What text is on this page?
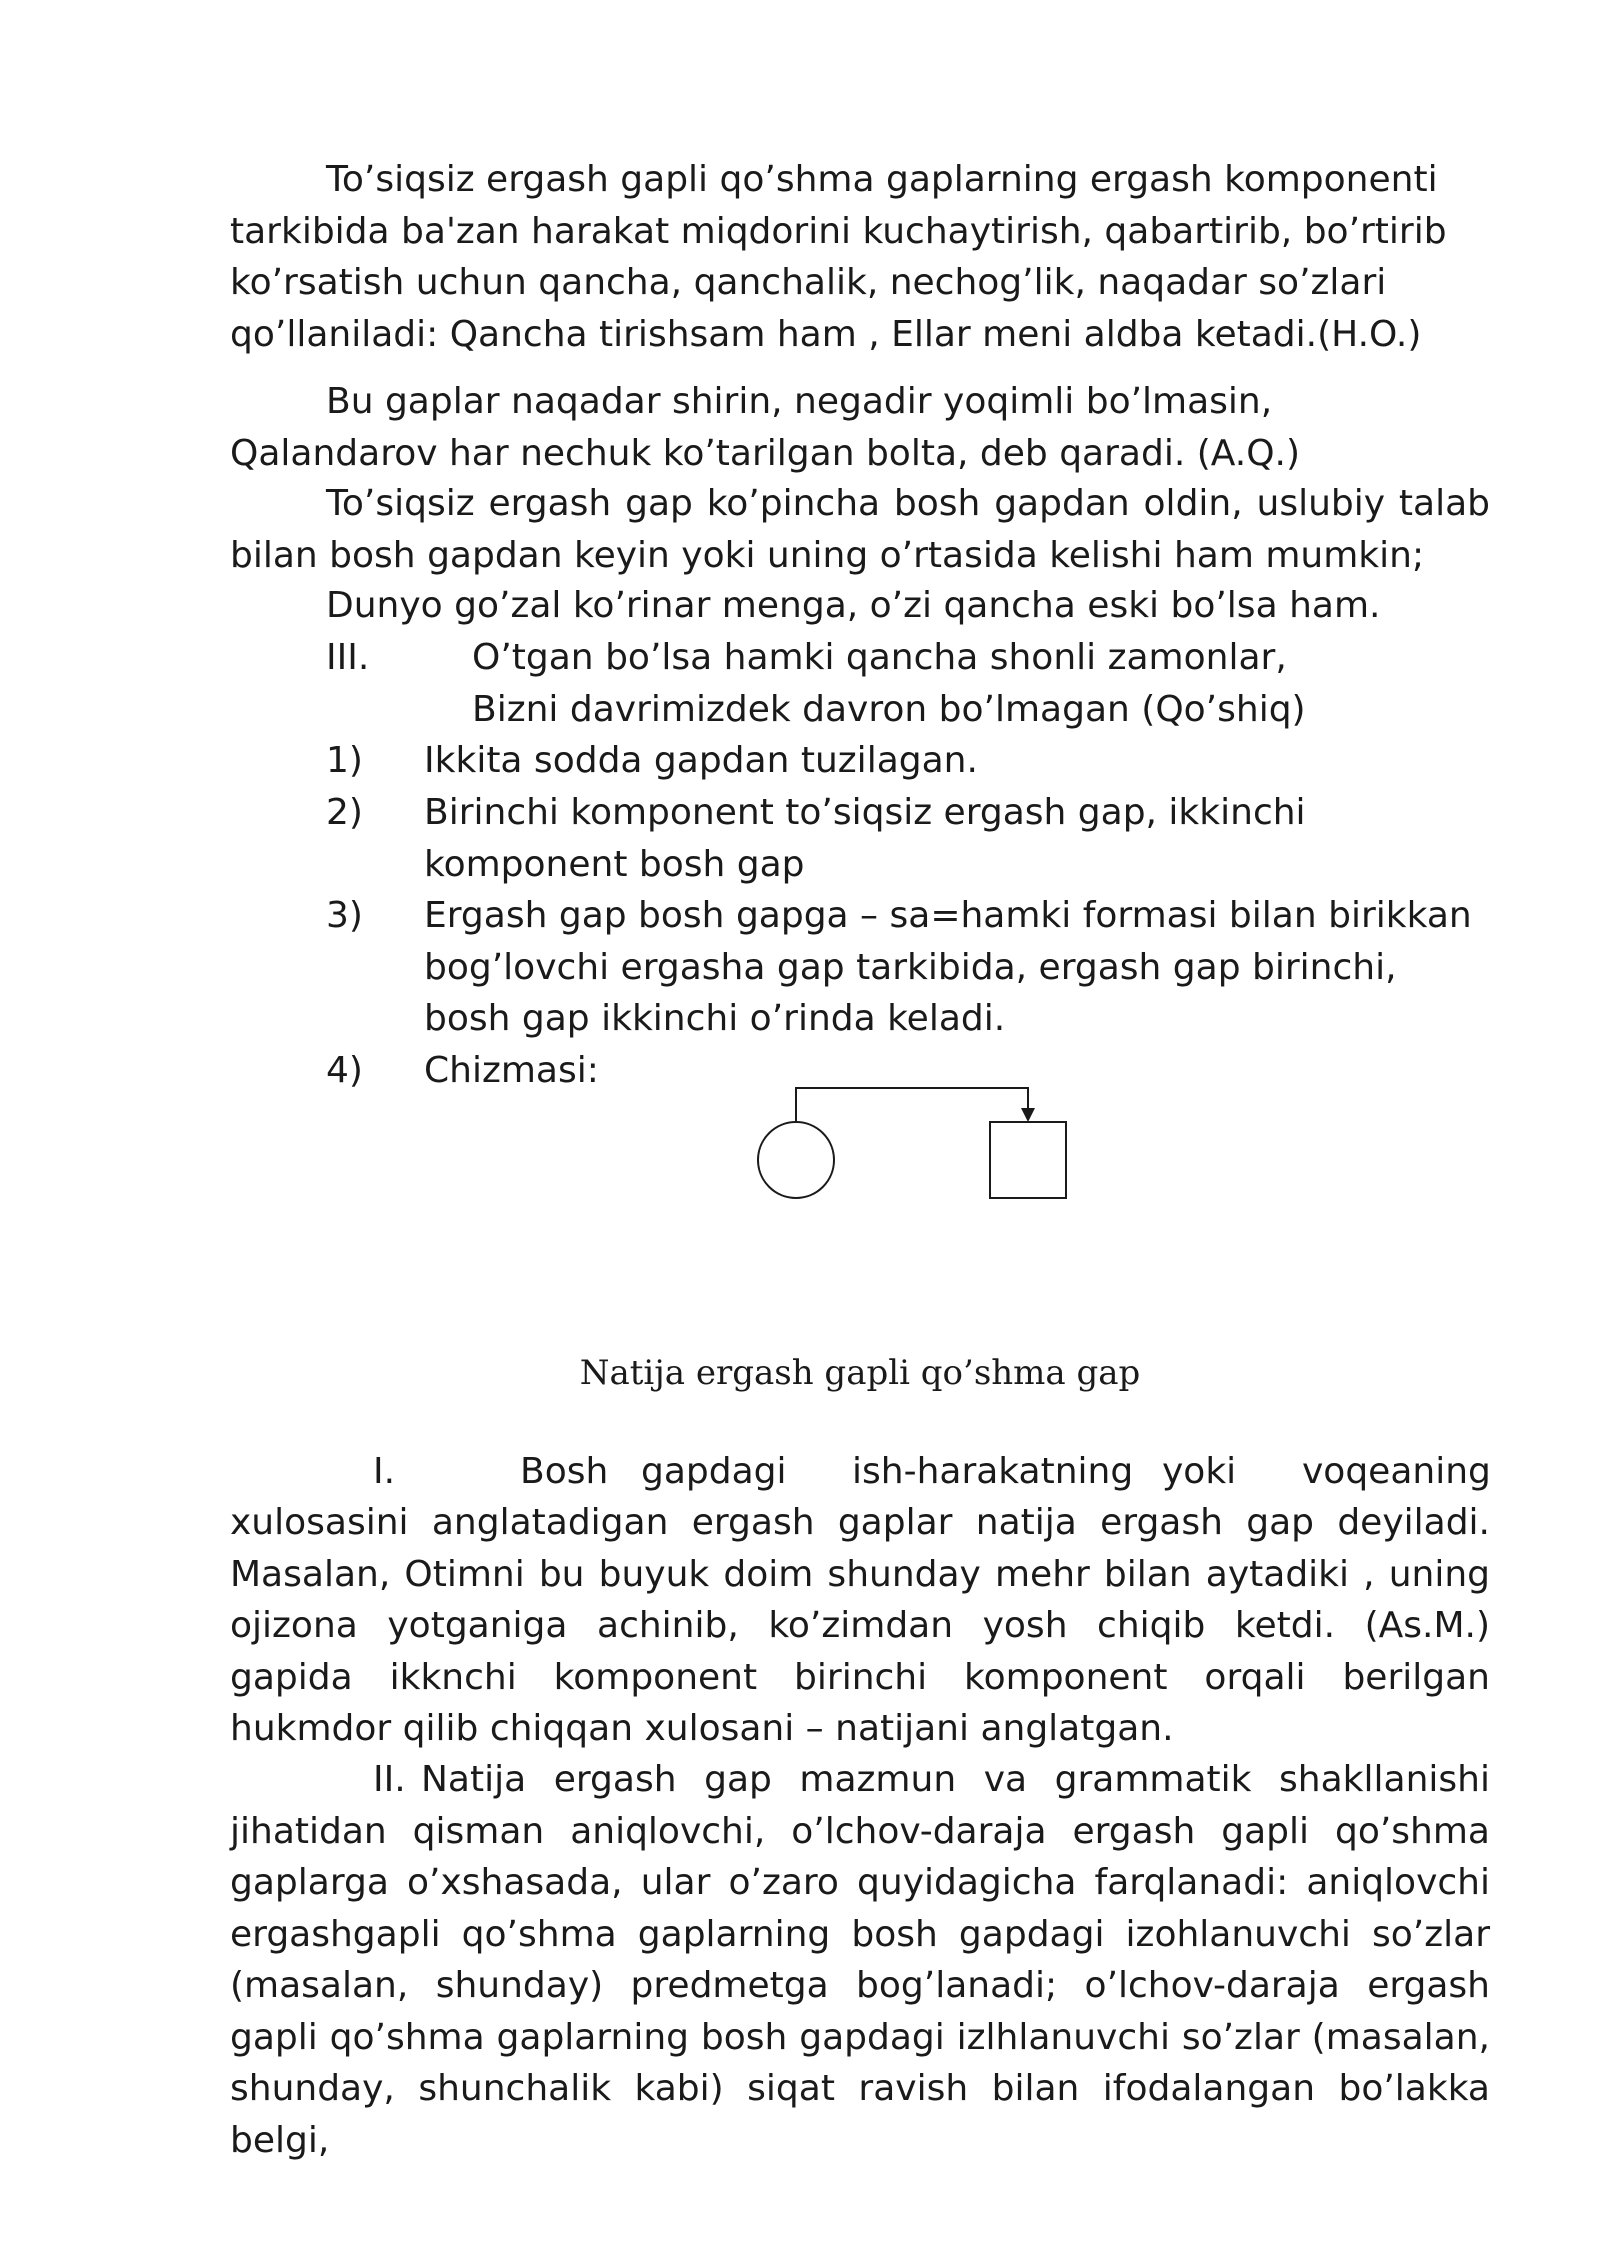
To’siqsiz ergash gapli qo’shma gaplarning ergash komponenti tarkibida ba'zan harakat miqdorini kuchaytirish, qabartirib, bo’rtirib ko’rsatish uchun qancha, qanchalik, nechog’lik, naqadar so’zlari qo’llaniladi: Qancha tirishsam ham , Ellar meni aldba ketadi.(H.O.)

Bu gaplar naqadar shirin, negadir yoqimli bo’lmasin, Qalandarov har nechuk ko’tarilgan bolta, deb qaradi. (A.Q.)

To’siqsiz ergash gap ko’pincha bosh gapdan oldin, uslubiy talab bilan bosh gapdan keyin yoki uning o’rtasida kelishi ham mumkin;

Dunyo go’zal ko’rinar menga, o’zi qancha eski bo’lsa ham.

III.	O’tgan bo’lsa hamki qancha shonli zamonlar,

Bizni davrimizdek davron bo’lmagan (Qo’shiq)

1) Ikkita sodda gapdan tuzilagan.
2) Birinchi komponent to’siqsiz ergash gap, ikkinchi komponent bosh gap
3) Ergash gap bosh gapga – sa=hamki formasi bilan birikkan bog’lovchi ergasha gap tarkibida, ergash gap birinchi, bosh gap ikkinchi o’rinda keladi.
4) Chizmasi:
Natija ergash gapli qo’shma gap
I.	Bosh gapdagi ish-harakatning yoki voqeaning

xulosasini anglatadigan ergash gaplar natija ergash gap deyiladi. Masalan, Otimni bu buyuk doim shunday mehr bilan aytadiki , uning ojizona yotganiga achinib, ko’zimdan yosh chiqib ketdi. (As.M.) gapida ikknchi komponent birinchi komponent orqali berilgan hukmdor qilib chiqqan xulosani – natijani anglatgan.

II. Natija ergash gap mazmun va grammatik shakllanishi jihatidan qisman aniqlovchi, o’lchov-daraja ergash gapli qo’shma gaplarga o’xshasada, ular o’zaro quyidagicha farqlanadi: aniqlovchi ergashgapli qo’shma gaplarning bosh gapdagi izohlanuvchi so’zlar (masalan, shunday) predmetga bog’lanadi; o’lchov-daraja ergash gapli qo’shma gaplarning bosh gapdagi izlhlanuvchi so’zlar (masalan, shunday, shunchalik kabi) siqat ravish bilan ifodalangan bo’lakka belgi,
